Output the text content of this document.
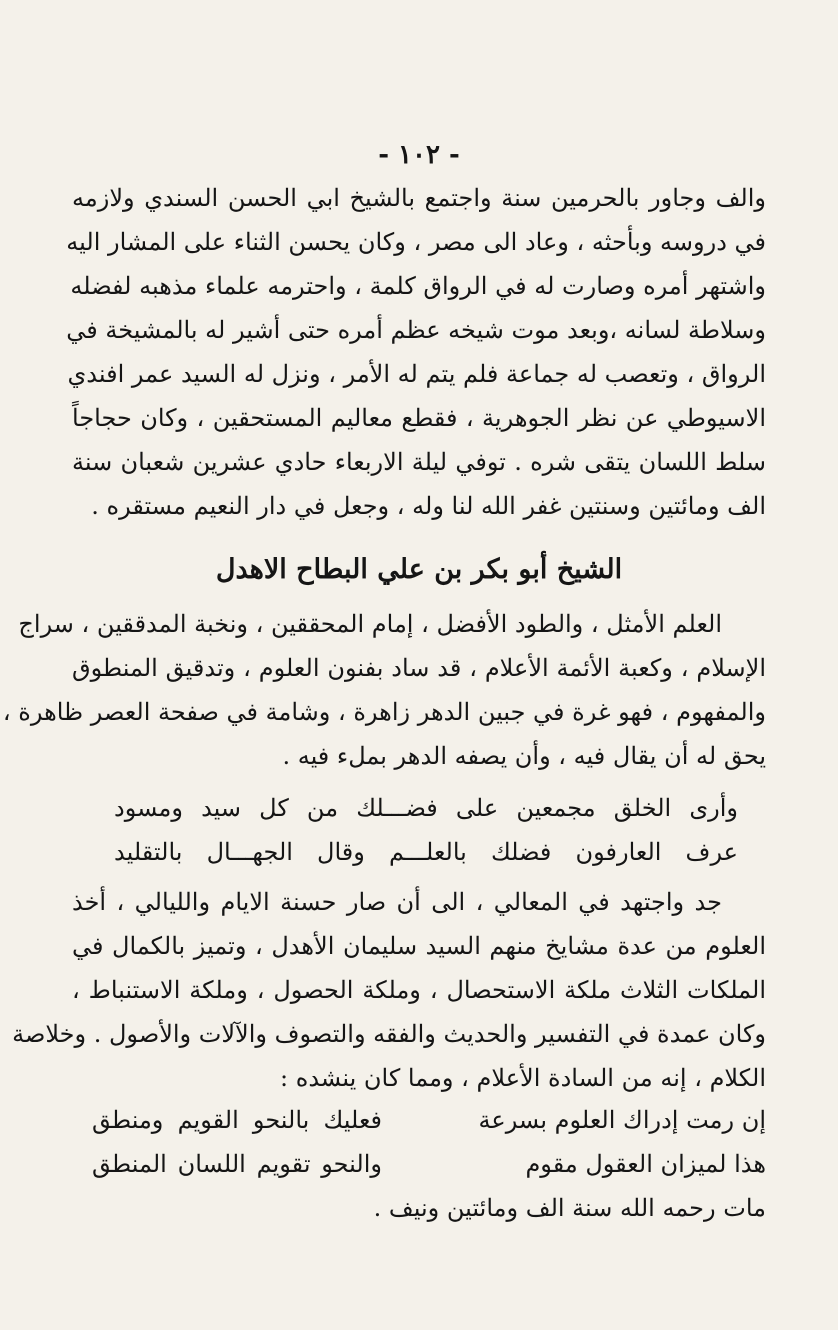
- ١٠٢ -
والف وجاور بالحرمين سنة واجتمع بالشيخ ابي الحسن السندي ولازمه
في دروسه وبأحثه ، وعاد الى مصر ، وكان يحسن الثناء على المشار اليه
واشتهر أمره وصارت له في الرواق كلمة ، واحترمه علماء مذهبه لفضله
وسلاطة لسانه ،وبعد موت شيخه عظم أمره حتى أشير له بالمشيخة في
الرواق ، وتعصب له جماعة فلم يتم له الأمر ، ونزل له السيد عمر افندي
الاسيوطي عن نظر الجوهرية ، فقطع معاليم المستحقين ، وكان حجاجاً
سلط اللسان يتقى شره . توفي ليلة الاربعاء حادي عشرين شعبان سنة
الف ومائتين وسنتين غفر الله لنا وله ، وجعل في دار النعيم مستقره .
الشيخ أبو بكر بن علي البطاح الاهدل
العلم الأمثل ، والطود الأفضل ، إمام المحققين ، ونخبة المدققين ، سراج
الإسلام ، وكعبة الأئمة الأعلام ، قد ساد بفنون العلوم ، وتدقيق المنطوق
والمفهوم ، فهو غرة في جبين الدهر زاهرة ، وشامة في صفحة العصر ظاهرة ،
يحق له أن يقال فيه ، وأن يصفه الدهر بملء فيه .
وأرى الخلق مجمعين على فضـــلك من كل سيد ومسود
عرف العارفون فضلك بالعلـــم وقال الجهـــال بالتقليد
جد واجتهد في المعالي ، الى أن صار حسنة الايام والليالي ، أخذ
العلوم من عدة مشايخ منهم السيد سليمان الأهدل ، وتميز بالكمال في
الملكات الثلاث ملكة الاستحصال ، وملكة الحصول ، وملكة الاستنباط ،
وكان عمدة في التفسير والحديث والفقه والتصوف والآلات والأصول . وخلاصة
الكلام ، إنه من السادة الأعلام ، ومما كان ينشده :
إن رمت إدراك العلوم بسرعة
فعليك بالنحو القويم ومنطق
هذا لميزان العقول مقوم
والنحو تقويم اللسان المنطق
مات رحمه الله سنة الف ومائتين ونيف .
